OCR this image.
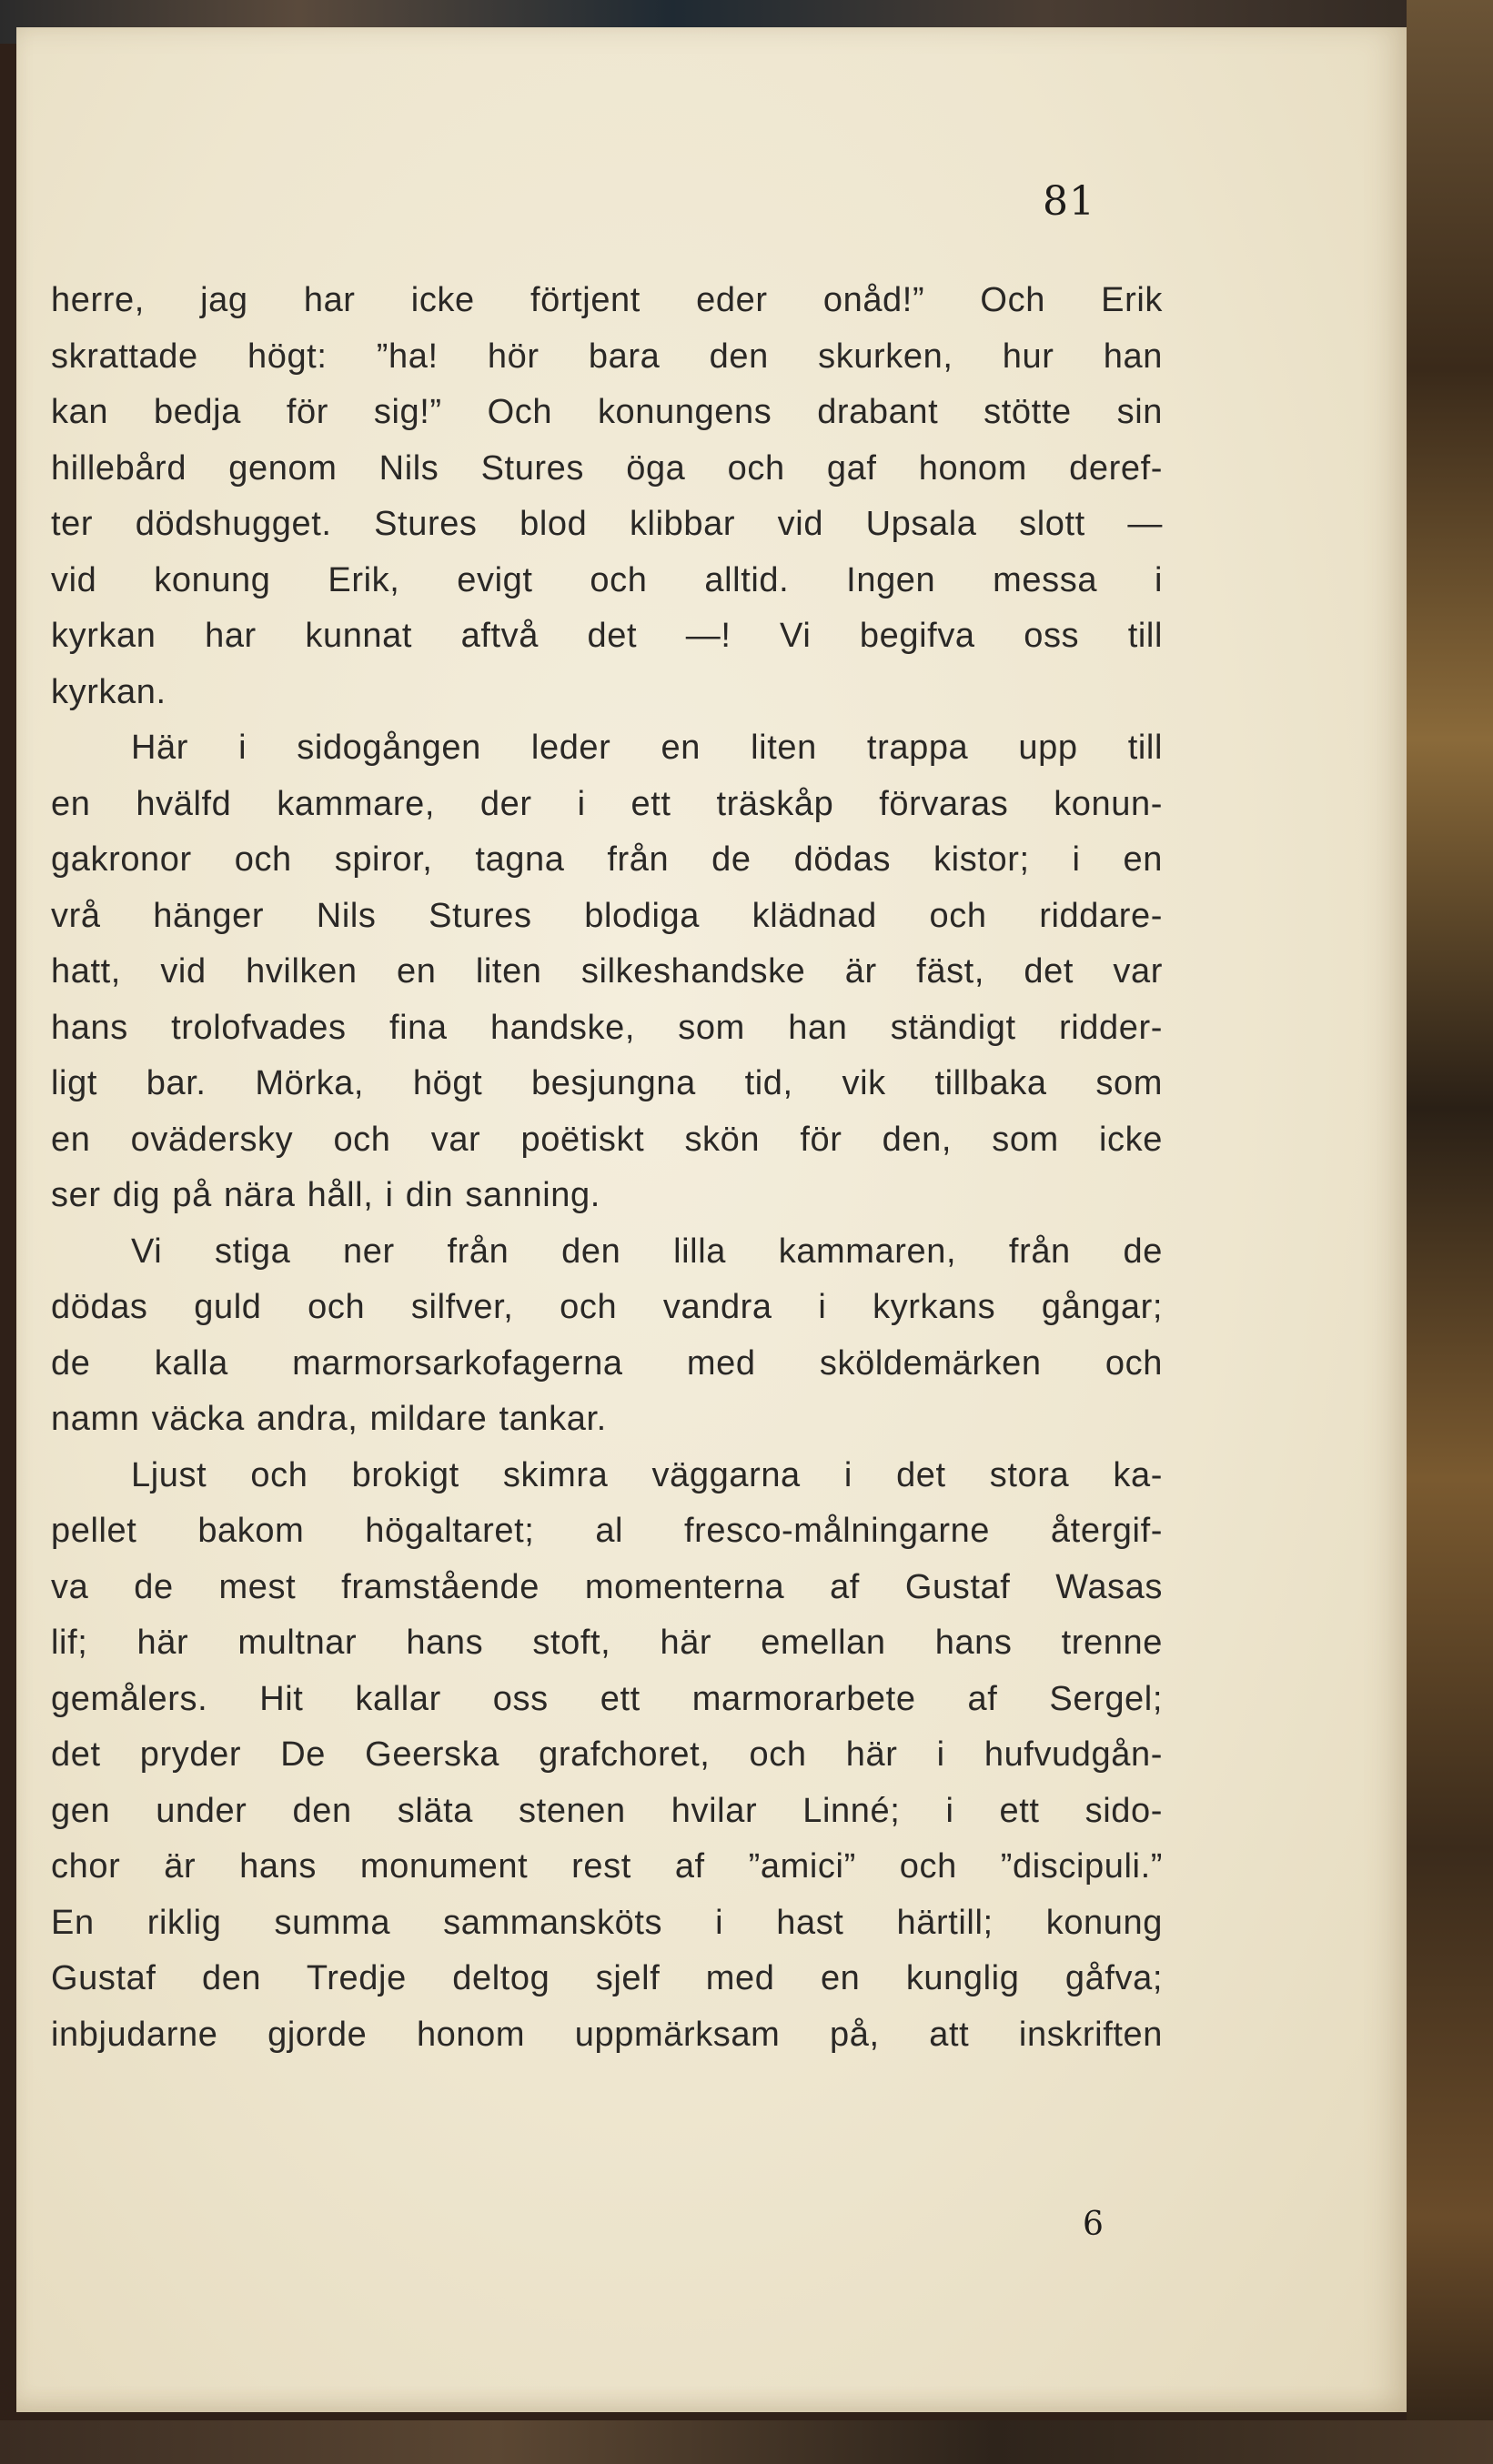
81
herre, jag har icke förtjent eder onåd!” Och Erik
skrattade högt: ”ha! hör bara den skurken, hur han
kan bedja för sig!” Och konungens drabant stötte sin
hillebård genom Nils Stures öga och gaf honom deref-
ter dödshugget. Stures blod klibbar vid Upsala slott —
vid konung Erik, evigt och alltid. Ingen messa i
kyrkan har kunnat aftvå det —! Vi begifva oss till
kyrkan.
Här i sidogången leder en liten trappa upp till
en hvälfd kammare, der i ett träskåp förvaras konun-
gakronor och spiror, tagna från de dödas kistor; i en
vrå hänger Nils Stures blodiga klädnad och riddare-
hatt, vid hvilken en liten silkeshandske är fäst, det var
hans trolofvades fina handske, som han ständigt ridder-
ligt bar. Mörka, högt besjungna tid, vik tillbaka som
en ovädersky och var poëtiskt skön för den, som icke
ser dig på nära håll, i din sanning.
Vi stiga ner från den lilla kammaren, från de
dödas guld och silfver, och vandra i kyrkans gångar;
de kalla marmorsarkofagerna med sköldemärken och
namn väcka andra, mildare tankar.
Ljust och brokigt skimra väggarna i det stora ka-
pellet bakom högaltaret; al fresco-målningarne återgif-
va de mest framstående momenterna af Gustaf Wasas
lif; här multnar hans stoft, här emellan hans trenne
gemålers. Hit kallar oss ett marmorarbete af Sergel;
det pryder De Geerska grafchoret, och här i hufvudgån-
gen under den släta stenen hvilar Linné; i ett sido-
chor är hans monument rest af ”amici” och ”discipuli.”
En riklig summa sammansköts i hast härtill; konung
Gustaf den Tredje deltog sjelf med en kunglig gåfva;
inbjudarne gjorde honom uppmärksam på, att inskriften
6
